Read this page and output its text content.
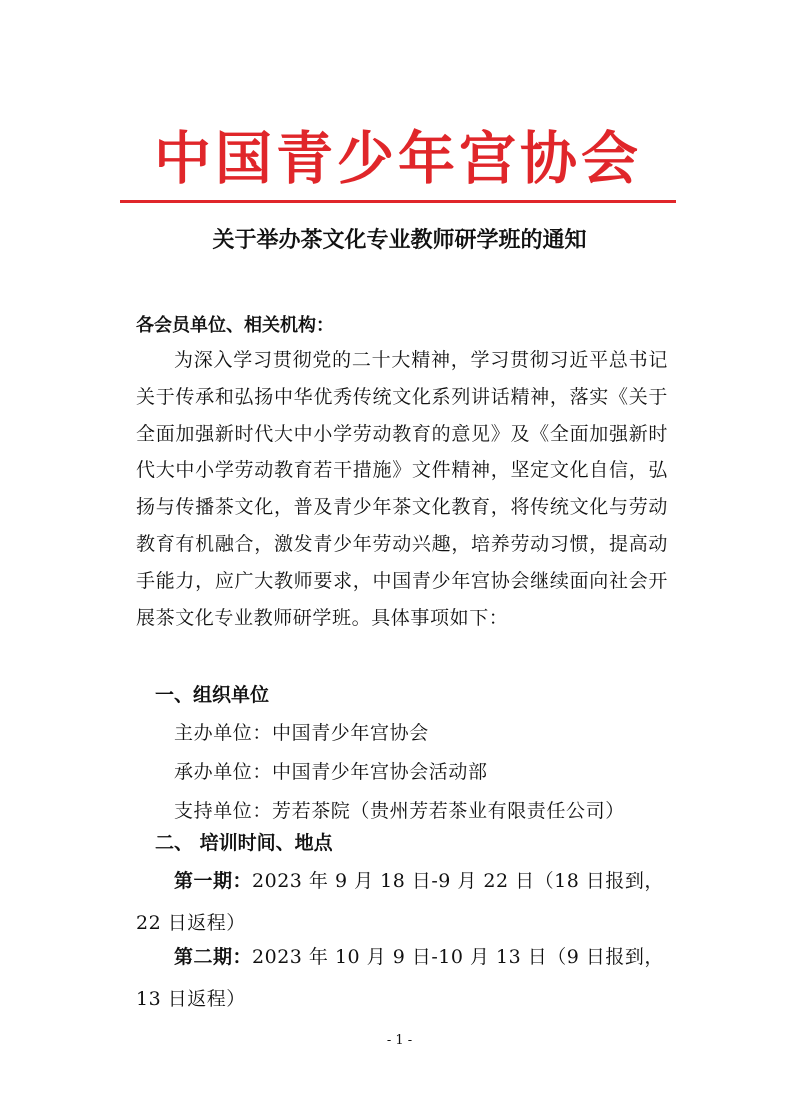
中国青少年宫协会
关于举办茶文化专业教师研学班的通知
各会员单位、相关机构：
为深入学习贯彻党的二十大精神，学习贯彻习近平总书记关于传承和弘扬中华优秀传统文化系列讲话精神，落实《关于全面加强新时代大中小学劳动教育的意见》及《全面加强新时代大中小学劳动教育若干措施》文件精神，坚定文化自信，弘扬与传播茶文化，普及青少年茶文化教育，将传统文化与劳动教育有机融合，激发青少年劳动兴趣，培养劳动习惯，提高动手能力，应广大教师要求，中国青少年宫协会继续面向社会开展茶文化专业教师研学班。具体事项如下：
一、组织单位
主办单位：中国青少年宫协会
承办单位：中国青少年宫协会活动部
支持单位：芳若茶院（贵州芳若茶业有限责任公司）
二、 培训时间、地点
第一期：2023 年 9 月 18 日-9 月 22 日（18 日报到，22 日返程）
第二期：2023 年 10 月 9 日-10 月 13 日（9 日报到，13 日返程）
- 1 -
